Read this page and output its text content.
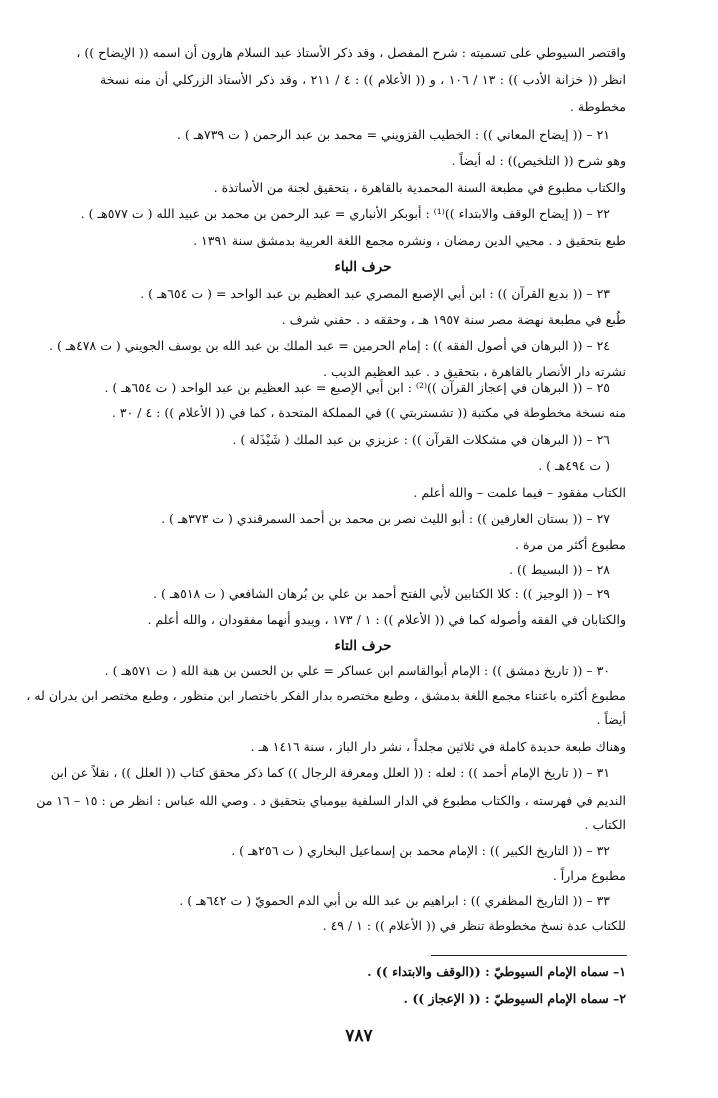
واقتصر السيوطي على تسميته : شرح المفصل ، وقد ذكر الأستاذ عبد السلام هارون أن اسمه (( الإيضاح )) ،
انظر (( خزانة الأدب )) : ١٣ / ١٠٦ ، و (( الأعلام )) : ٤ / ٢١١ ، وقد ذكر الأستاذ الزركلي أن منه نسخة
مخطوطة .
٢١ – (( إيضاح المعاني )) : الخطيب القزويني = محمد بن عبد الرحمن ( ت ٧٣٩هـ ) .
وهو شرح (( التلخيص)) : له أيضاً .
والكتاب مطبوع في مطبعة السنة المحمدية بالقاهرة ، بتحقيق لجنة من الأساتذة .
٢٢ – (( إيضاح الوقف والابتداء ))⁽¹⁾ : أبوبكر الأنباري = عبد الرحمن بن محمد بن عبيد الله ( ت ٥٧٧هـ ) .
طبع بتحقيق د . محيي الدين رمضان ، ونشره مجمع اللغة العربية بدمشق سنة ١٣٩١ .
حرف الباء
٢٣ – (( بديع القرآن )) : ابن أبي الإصبع المصري عبد العظيم بن عبد الواحد = ( ت ٦٥٤هـ ) .
طُبع في مطبعة نهضة مصر سنة ١٩٥٧ هـ ، وحققه د . حفني شرف .
٢٤ – (( البرهان في أصول الفقه )) : إمام الحرمين = عبد الملك بن عبد الله بن يوسف الجويني ( ت ٤٧٨هـ ) .
نشرته دار الأنصار بالقاهرة ، بتحقيق د . عبد العظيم الديب .
٢٥ – (( البرهان في إعجاز القرآن ))⁽²⁾ : ابن أبي الإصبع = عبد العظيم بن عبد الواحد ( ت ٦٥٤هـ ) .
منه نسخة مخطوطة في مكتبة (( تشستربتي )) في المملكة المتحدة ، كما في (( الأعلام )) : ٤ / ٣٠ .
٢٦ – (( البرهان في مشكلات القرآن )) : عزيزي بن عبد الملك ( شَيْذَلة ) .
( ت ٤٩٤هـ ) .
الكتاب مفقود – فيما علمت – والله أعلم .
٢٧ – (( بستان العارفين )) : أبو الليث نصر بن محمد بن أحمد السمرقندي ( ت ٣٧٣هـ ) .
مطبوع أكثر من مرة .
٢٨ – (( البسيط )) .
٢٩ – (( الوجيز )) : كلا الكتابين لأبي الفتح أحمد بن علي بن بُرهان الشافعي ( ت ٥١٨هـ ) .
والكتابان في الفقه وأصوله كما في (( الأعلام )) : ١ / ١٧٣ ، ويبدو أنهما مفقودان ، والله أعلم .
حرف التاء
٣٠ – (( تاريخ دمشق )) : الإمام أبوالقاسم ابن عساكر = علي بن الحسن بن هبة الله ( ت ٥٧١هـ ) .
مطبوع أكثره باعتناء مجمع اللغة بدمشق ، وطبع مختصره بدار الفكر باختصار ابن منظور ، وطبع مختصر ابن بدران له ،
أيضاً .
وهناك طبعة حديدة كاملة في ثلاثين مجلداً ، نشر دار الباز ، سنة ١٤١٦ هـ .
٣١ – (( تاريخ الإمام أحمد )) : لعله : (( العلل ومعرفة الرجال )) كما ذكر محقق كتاب (( العلل )) ، نقلاً عن ابن
النديم في فهرسته ، والكتاب مطبوع في الدار السلفية بيومباي بتحقيق د . وصي الله عباس : انظر ص : ١٥ – ١٦ من
الكتاب .
٣٢ – (( التاريخ الكبير )) : الإمام محمد بن إسماعيل البخاري ( ت ٢٥٦هـ ) .
مطبوع مراراً .
٣٣ – (( التاريخ المظفري )) : ابراهيم بن عبد الله بن أبي الدم الحمويّ ( ت ٦٤٢هـ ) .
للكتاب عدة نسخ مخطوطة تنظر في (( الأعلام )) : ١ / ٤٩ .
١– سماه الإمام السيوطيّ : ((الوقف والابتداء )) .
٢– سماه الإمام السيوطيّ : (( الإعجاز )) .
٧٨٧
